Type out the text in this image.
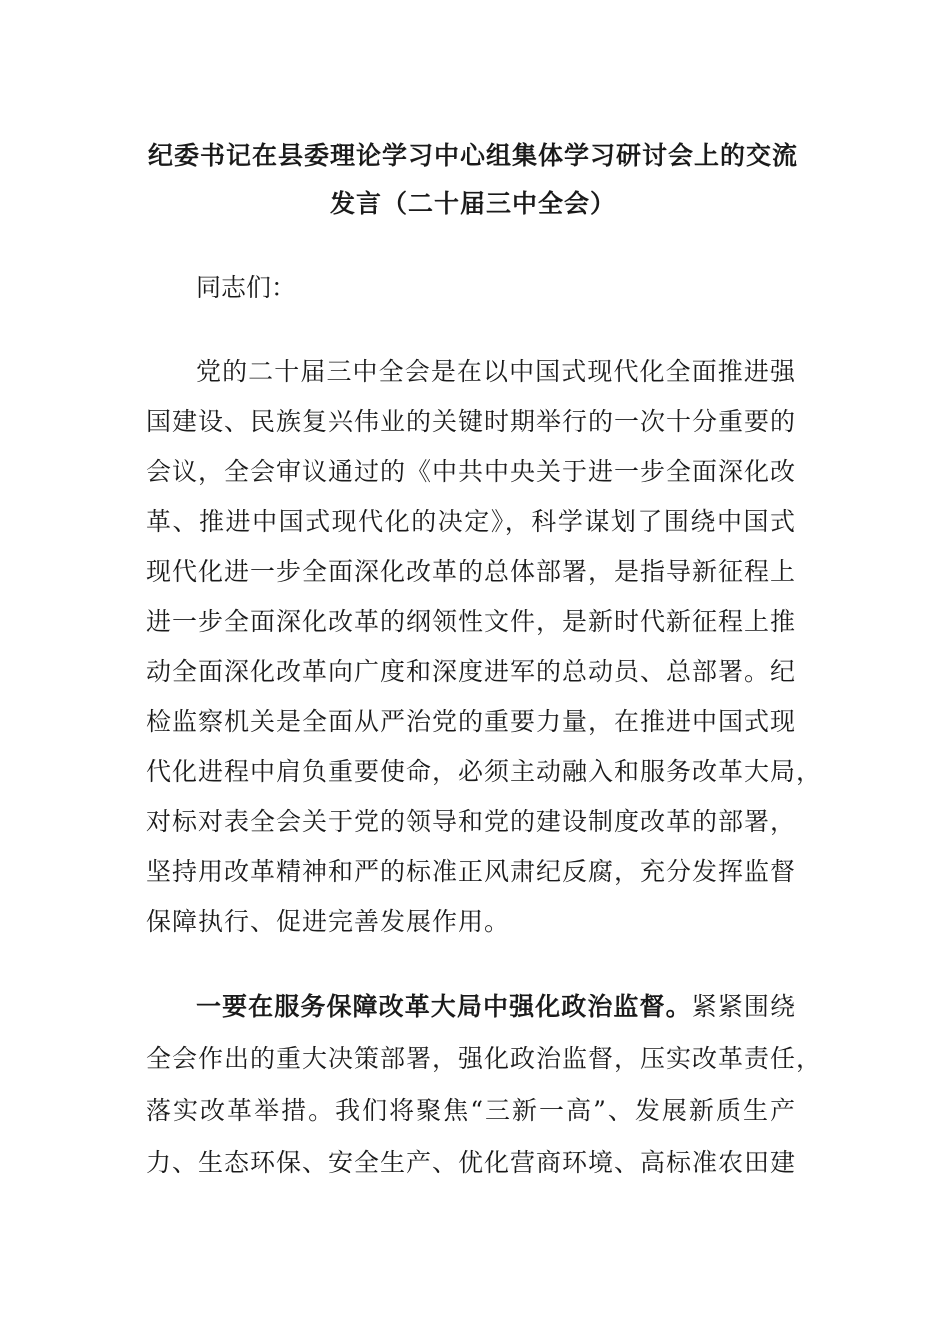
纪委书记在县委理论学习中心组集体学习研讨会上的交流
发言（二十届三中全会）

同志们：

党的二十届三中全会是在以中国式现代化全面推进强
国建设、民族复兴伟业的关键时期举行的一次十分重要的
会议，全会审议通过的《中共中央关于进一步全面深化改
革、推进中国式现代化的决定》，科学谋划了围绕中国式
现代化进一步全面深化改革的总体部署，是指导新征程上
进一步全面深化改革的纲领性文件，是新时代新征程上推
动全面深化改革向广度和深度进军的总动员、总部署。纪
检监察机关是全面从严治党的重要力量，在推进中国式现
代化进程中肩负重要使命，必须主动融入和服务改革大局，
对标对表全会关于党的领导和党的建设制度改革的部署，
坚持用改革精神和严的标准正风肃纪反腐，充分发挥监督
保障执行、促进完善发展作用。
一要在服务保障改革大局中强化政治监督。紧紧围绕
全会作出的重大决策部署，强化政治监督，压实改革责任，
落实改革举措。我们将聚焦“三新一高”、发展新质生产
力、生态环保、安全生产、优化营商环境、高标准农田建
